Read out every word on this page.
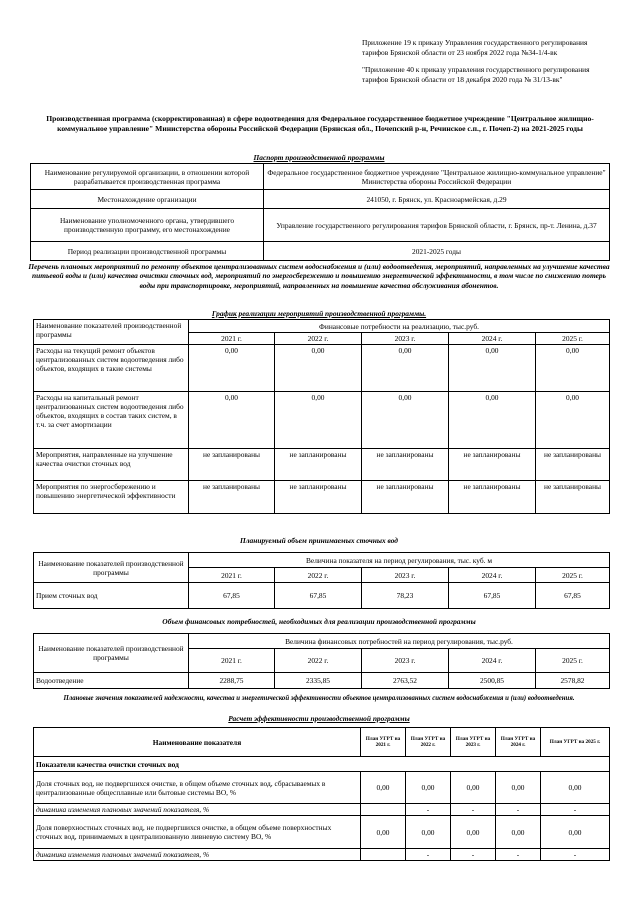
Приложение 19 к приказу Управления государственного регулирования тарифов Брянской области от 23 ноября 2022 года №34-1/4-вк

"Приложение 40 к приказу управления государственного регулирования тарифов Брянской области от 18 декабря 2020 года № 31/13-вк"

Производственная программа (скорректированная) в сфере водоотведения для Федеральное государственное бюджетное учреждение "Центральное жилищно-коммунальное управление" Министерства обороны Российской Федерации (Брянская обл., Почепский р-н, Речинское с.п., г. Почеп-2) на 2021-2025 годы
Паспорт производственной программы
Наименование регулируемой организации, в отношении которой разрабатывается производственная программа	Федеральное государственное бюджетное учреждение "Центральное жилищно-коммунальное управление" Министерства обороны Российской Федерации
Местонахождение организации	241050, г. Брянск, ул. Красноармейская, д.29
Наименование уполномоченного органа, утвердившего производственную программу, его местонахождение	Управление государственного регулирования тарифов Брянской области, г. Брянск, пр-т. Ленина, д.37
Период реализации производственной программы	2021-2025 годы
Перечень плановых мероприятий по ремонту объектов централизованных систем водоснабжения и (или) водоотведения, мероприятий, направленных на улучшение качества питьевой воды и (или) качества очистки сточных вод, мероприятий по энергосбережению и повышению энергетической эффективности, в том числе по снижению потерь воды при транспортировке, мероприятий, направленных на повышение качества обслуживания абонентов.
График реализации мероприятий производственной программы.
Наименование показателей производственной программы	Финансовые потребности на реализацию, тыс.руб.				
	2021 г.	2022 г.	2023 г.	2024 г.	2025 г.
Расходы на текущий ремонт объектов централизованных систем водоотведения либо объектов, входящих в такие системы	0,00	0,00	0,00	0,00	0,00
Расходы на капитальный ремонт централизованных систем водоотведения либо объектов, входящих в состав таких систем, в т.ч. за счет амортизации	0,00	0,00	0,00	0,00	0,00
Мероприятия, направленные на улучшение качества очистки сточных вод	не запланированы	не запланированы	не запланированы	не запланированы	не запланированы
Мероприятия по энергосбережению и повышению энергетической эффективности	не запланированы	не запланированы	не запланированы	не запланированы	не запланированы
Планируемый объем принимаемых сточных вод
Наименование показателей производственной программы	Величина показателя на период регулирования, тыс. куб. м				
	2021 г.	2022 г.	2023 г.	2024 г.	2025 г.
Прием сточных вод	67,85	67,85	78,23	67,85	67,85
Объем финансовых потребностей, необходимых для реализации производственной программы
Наименование показателей производственной программы	Величина финансовых потребностей на период регулирования, тыс.руб.				
	2021 г.	2022 г.	2023 г.	2024 г.	2025 г.
Водоотведение	2288,75	2335,85	2763,52	2500,85	2578,82
Плановые значения показателей надежности, качества и энергетической эффективности объектов централизованных систем водоснабжения и (или) водоотведения.
Расчет эффективности производственной программы
Наименование показателя	План УГРТ на 2021 г.	План УГРТ на 2022 г.	План УГРТ на 2023 г.	План УГРТ на 2024 г.	План УГРТ на 2025 г.
Показатели качества очистки сточных вод					
Доля сточных вод, не подвергшихся очистке, в общем объеме сточных вод, сбрасываемых в централизованные общесплавные или бытовые системы ВО, %	0,00	0,00	0,00	0,00	0,00
динамика изменения плановых значений показателя, %		-	-	-	-
Доля поверхностных сточных вод, не подвергшихся очистке, в общем объеме поверхностных сточных вод, принимаемых в централизованную ливневую систему ВО, %	0,00	0,00	0,00	0,00	0,00
динамика изменения плановых значений показателя, %		-	-	-	-
